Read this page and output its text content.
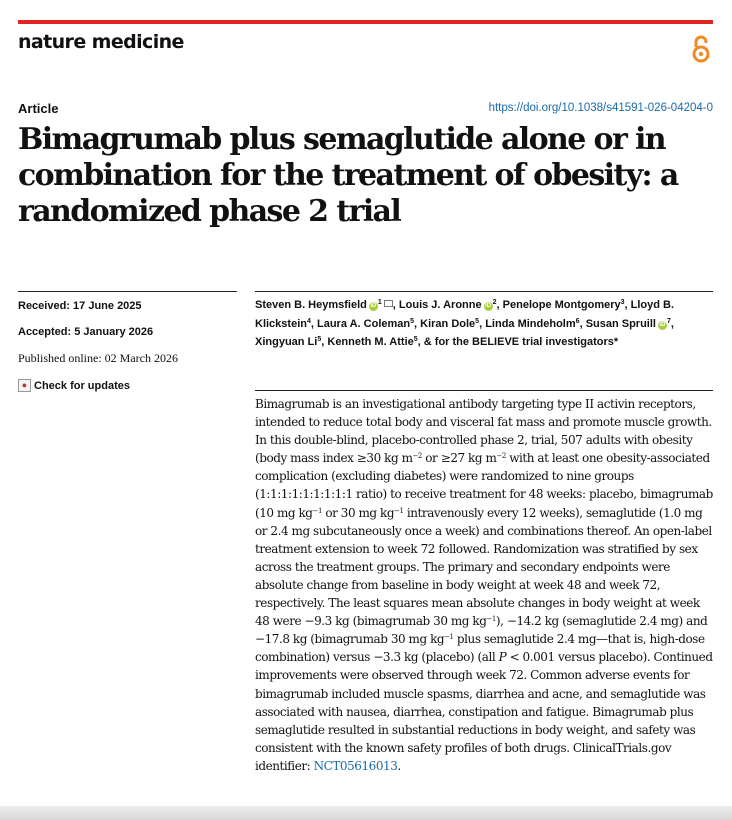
nature medicine
Article	https://doi.org/10.1038/s41591-026-04204-0
Bimagrumab plus semaglutide alone or in combination for the treatment of obesity: a randomized phase 2 trial
Received: 17 June 2025
Accepted: 5 January 2026
Published online: 02 March 2026
● Check for updates
Steven B. Heymsfield iD $^1$ , Louis J. Aronne iD $^2$, Penelope Montgomery$^3$, Lloyd B. Klickstein$^4$, Laura A. Coleman$^5$, Kiran Dole$^5$, Linda Mindeholm$^6$, Susan Spruill iD $^7$, Xingyuan Li$^5$, Kenneth M. Attie$^5$, & for the BELIEVE trial investigators*

Bimagrumab is an investigational antibody targeting type II activin receptors, intended to reduce total body and visceral fat mass and promote muscle growth. In this double-blind, placebo-controlled phase 2, trial, 507 adults with obesity (body mass index ≥30 kg $m^{-2}$ or ≥27 kg $m^{-2}$ with at least one obesity-associated complication (excluding diabetes) were randomized to nine groups (1:1:1:1:1:1:1:1:1 ratio) to receive treatment for 48 weeks: placebo, bimagrumab (10 mg $kg^{-1}$ or 30 mg $kg^{-1}$ intravenously every 12 weeks), semaglutide (1.0 mg or 2.4 mg subcutaneously once a week) and combinations thereof. An open-label treatment extension to week 72 followed. Randomization was stratified by sex across the treatment groups. The primary and secondary endpoints were absolute change from baseline in body weight at week 48 and week 72, respectively. The least squares mean absolute changes in body weight at week 48 were −9.3 kg (bimagrumab 30 mg $kg^{-1}$), −14.2 kg (semaglutide 2.4 mg) and −17.8 kg (bimagrumab 30 mg $kg^{-1}$ plus semaglutide 2.4 mg—that is, high-dose combination) versus −3.3 kg (placebo) (all P < 0.001 versus placebo). Continued improvements were observed through week 72. Common adverse events for bimagrumab included muscle spasms, diarrhea and acne, and semaglutide was associated with nausea, diarrhea, constipation and fatigue. Bimagrumab plus semaglutide resulted in substantial reductions in body weight, and safety was consistent with the known safety profiles of both drugs. ClinicalTrials.gov identifier: NCT05616013.
